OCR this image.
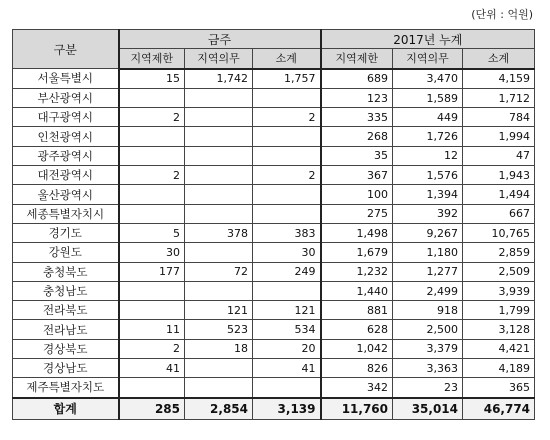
(단위 : 억원)
구분	금주			2017년 누계		
	지역제한	지역의무	소계	지역제한	지역의무	소계
서울특별시	15	1,742	1,757	689	3,470	4,159
부산광역시				123	1,589	1,712
대구광역시	2		2	335	449	784
인천광역시				268	1,726	1,994
광주광역시				35	12	47
대전광역시	2		2	367	1,576	1,943
울산광역시				100	1,394	1,494
세종특별자치시				275	392	667
경기도	5	378	383	1,498	9,267	10,765
강원도	30		30	1,679	1,180	2,859
충청북도	177	72	249	1,232	1,277	2,509
충청남도				1,440	2,499	3,939
전라북도		121	121	881	918	1,799
전라남도	11	523	534	628	2,500	3,128
경상북도	2	18	20	1,042	3,379	4,421
경상남도	41		41	826	3,363	4,189
제주특별자치도				342	23	365
합계	285	2,854	3,139	11,760	35,014	46,774
